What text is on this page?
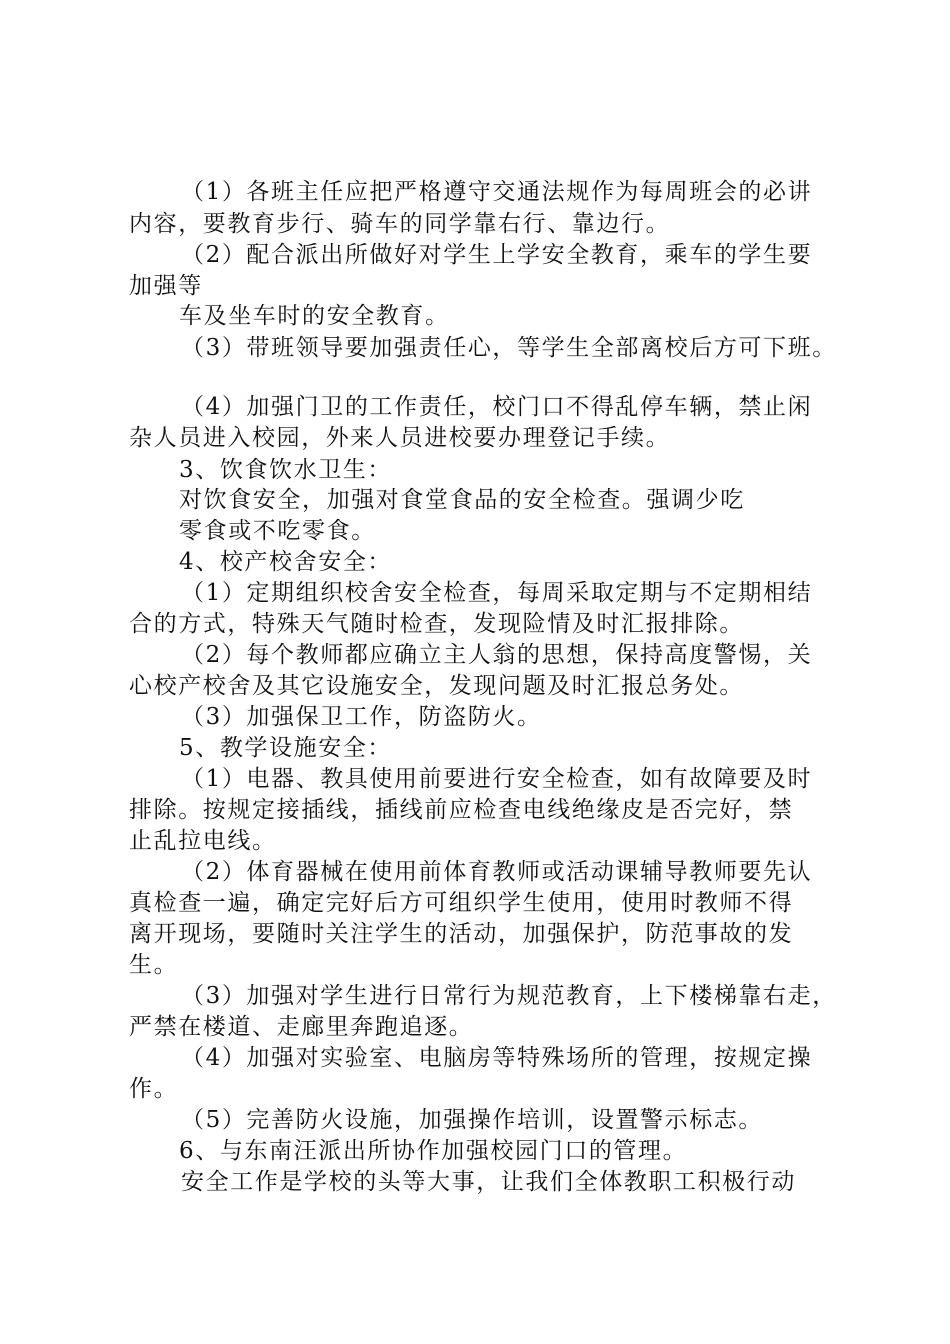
（1）各班主任应把严格遵守交通法规作为每周班会的必讲
内容，要教育步行、骑车的同学靠右行、靠边行。
（2）配合派出所做好对学生上学安全教育，乘车的学生要
加强等
车及坐车时的安全教育。
（3）带班领导要加强责任心，等学生全部离校后方可下班。
（4）加强门卫的工作责任，校门口不得乱停车辆，禁止闲
杂人员进入校园，外来人员进校要办理登记手续。
3、饮食饮水卫生：
对饮食安全，加强对食堂食品的安全检查。强调少吃
零食或不吃零食。
4、校产校舍安全：
（1）定期组织校舍安全检查，每周采取定期与不定期相结
合的方式，特殊天气随时检查，发现险情及时汇报排除。
（2）每个教师都应确立主人翁的思想，保持高度警惕，关
心校产校舍及其它设施安全，发现问题及时汇报总务处。
（3）加强保卫工作，防盗防火。
5、教学设施安全：
（1）电器、教具使用前要进行安全检查，如有故障要及时
排除。按规定接插线，插线前应检查电线绝缘皮是否完好，禁
止乱拉电线。
（2）体育器械在使用前体育教师或活动课辅导教师要先认
真检查一遍，确定完好后方可组织学生使用，使用时教师不得
离开现场，要随时关注学生的活动，加强保护，防范事故的发
生。
（3）加强对学生进行日常行为规范教育，上下楼梯靠右走，
严禁在楼道、走廊里奔跑追逐。
（4）加强对实验室、电脑房等特殊场所的管理，按规定操
作。
（5）完善防火设施，加强操作培训，设置警示标志。
6、与东南汪派出所协作加强校园门口的管理。
安全工作是学校的头等大事，让我们全体教职工积极行动
